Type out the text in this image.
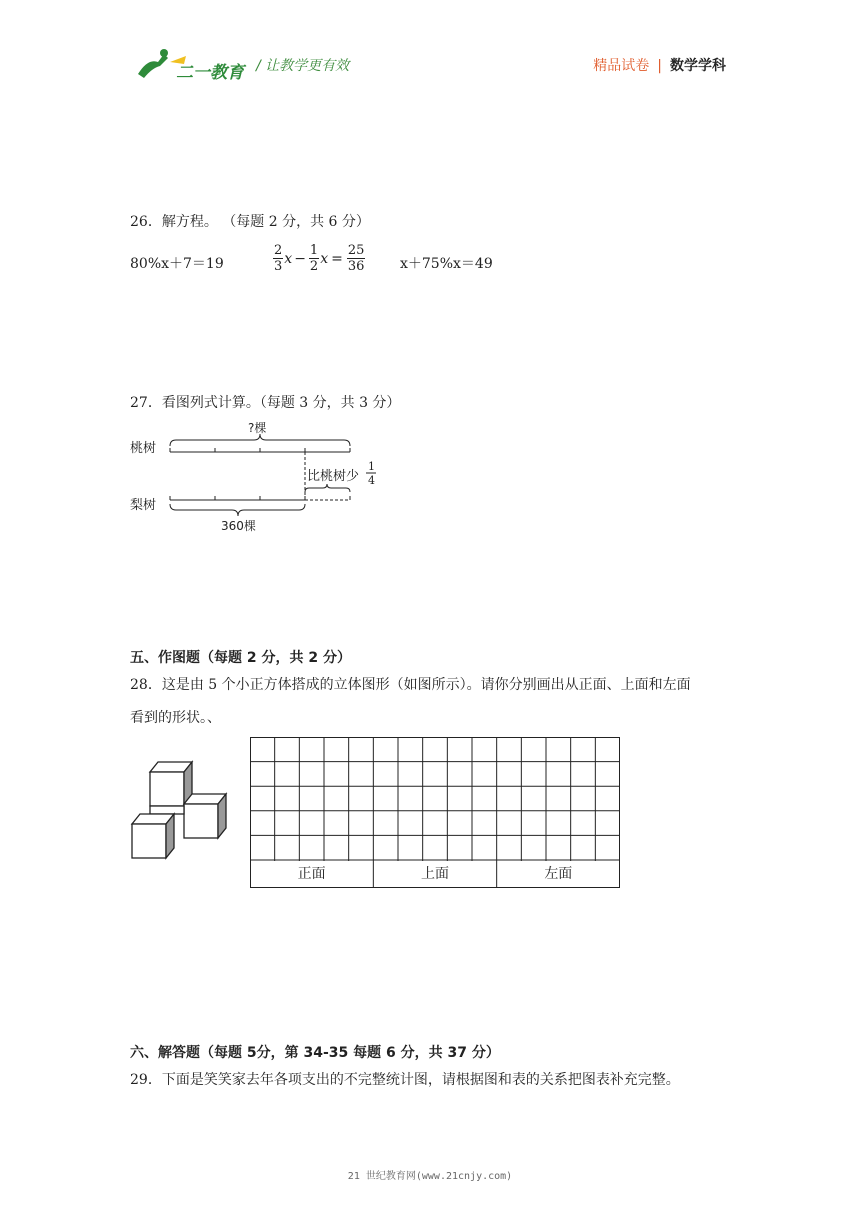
二一教育 / 让教学更有效	精品试卷 | 数学学科
26．解方程。 （每题 2 分，共 6 分）
80%x＋7＝19	$\frac{2}{3}$ $x - \frac{1}{2}$ $x = \frac{25}{36} x+75\%x=49$
27．看图列式计算。（每题 3 分，共 3 分）
桃树
梨树
?棵
比桃树少
1
4
360棵
五、作图题（每题 2 分，共 2 分）
28．这是由 5 个小正方体搭成的立体图形（如图所示）。请你分别画出从正面、上面和左面
看到的形状。、
正面	上面	左面
六、解答题（每题 5分，第 34-35 每题 6 分，共 37 分）
29．下面是笑笑家去年各项支出的不完整统计图，请根据图和表的关系把图表补充完整。
21 世纪教育网(www.21cnjy.com)
